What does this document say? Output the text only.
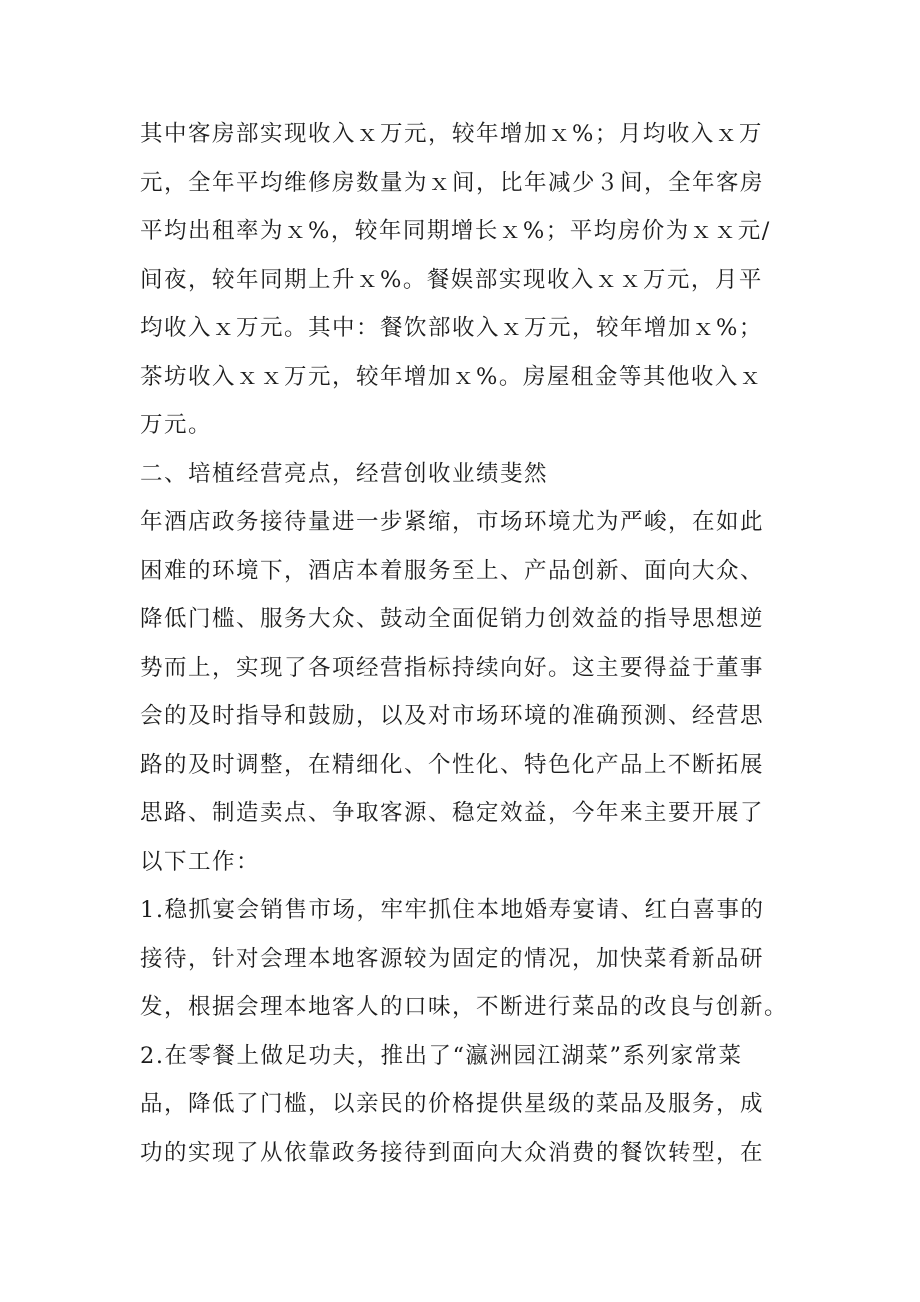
其中客房部实现收入ｘ万元，较年增加ｘ%；月均收入ｘ万
元，全年平均维修房数量为ｘ间，比年减少３间，全年客房
平均出租率为ｘ%，较年同期增长ｘ%；平均房价为ｘｘ元/
间夜，较年同期上升ｘ%。餐娱部实现收入ｘｘ万元，月平
均收入ｘ万元。其中：餐饮部收入ｘ万元，较年增加ｘ%；
茶坊收入ｘｘ万元，较年增加ｘ%。房屋租金等其他收入ｘ
万元。
二、培植经营亮点，经营创收业绩斐然
年酒店政务接待量进一步紧缩，市场环境尤为严峻，在如此
困难的环境下，酒店本着服务至上、产品创新、面向大众、
降低门槛、服务大众、鼓动全面促销力创效益的指导思想逆
势而上，实现了各项经营指标持续向好。这主要得益于董事
会的及时指导和鼓励，以及对市场环境的准确预测、经营思
路的及时调整，在精细化、个性化、特色化产品上不断拓展
思路、制造卖点、争取客源、稳定效益，今年来主要开展了
以下工作：
1.稳抓宴会销售市场，牢牢抓住本地婚寿宴请、红白喜事的
接待，针对会理本地客源较为固定的情况，加快菜肴新品研
发，根据会理本地客人的口味，不断进行菜品的改良与创新。
2.在零餐上做足功夫，推出了“瀛洲园江湖菜”系列家常菜
品，降低了门槛，以亲民的价格提供星级的菜品及服务，成
功的实现了从依靠政务接待到面向大众消费的餐饮转型，在
